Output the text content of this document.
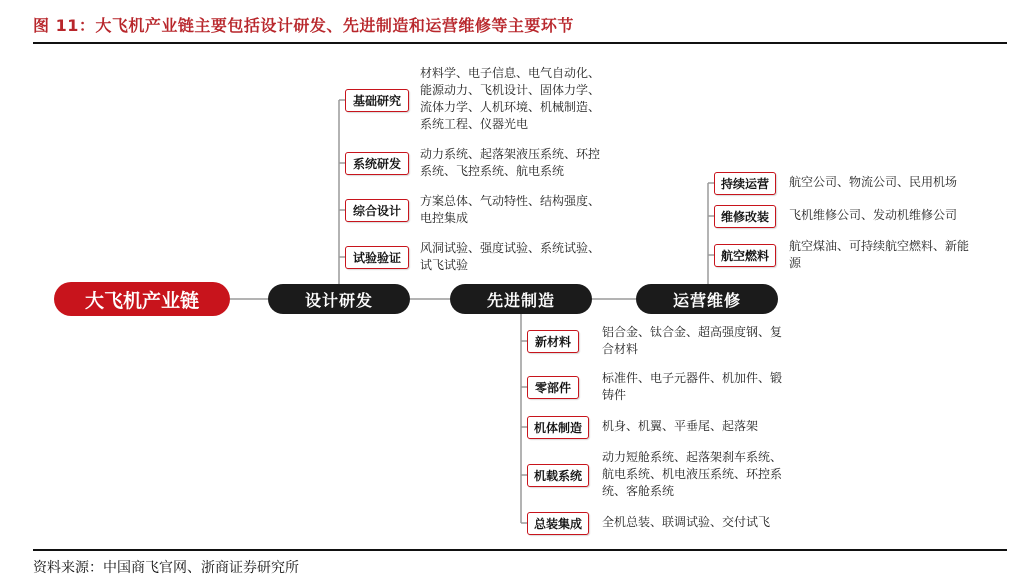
图 11：大飞机产业链主要包括设计研发、先进制造和运营维修等主要环节
大飞机产业链	设计研发	先进制造	运营维修
基础研究
材料学、电子信息、电气自动化、能源动力、飞机设计、固体力学、流体力学、人机环境、机械制造、系统工程、仪器光电
系统研发
动力系统、起落架液压系统、环控系统、飞控系统、航电系统
综合设计
方案总体、气动特性、结构强度、电控集成
试验验证
风洞试验、强度试验、系统试验、试飞试验
新材料
铝合金、钛合金、超高强度钢、复合材料
零部件
标准件、电子元器件、机加件、锻铸件
机体制造	机身、机翼、平垂尾、起落架
机载系统
动力短舱系统、起落架刹车系统、航电系统、机电液压系统、环控系统、客舱系统
总装集成	全机总装、联调试验、交付试飞
持续运营	航空公司、物流公司、民用机场
维修改装	飞机维修公司、发动机维修公司
航空燃料
航空煤油、可持续航空燃料、新能源
资料来源：中国商飞官网、浙商证券研究所
